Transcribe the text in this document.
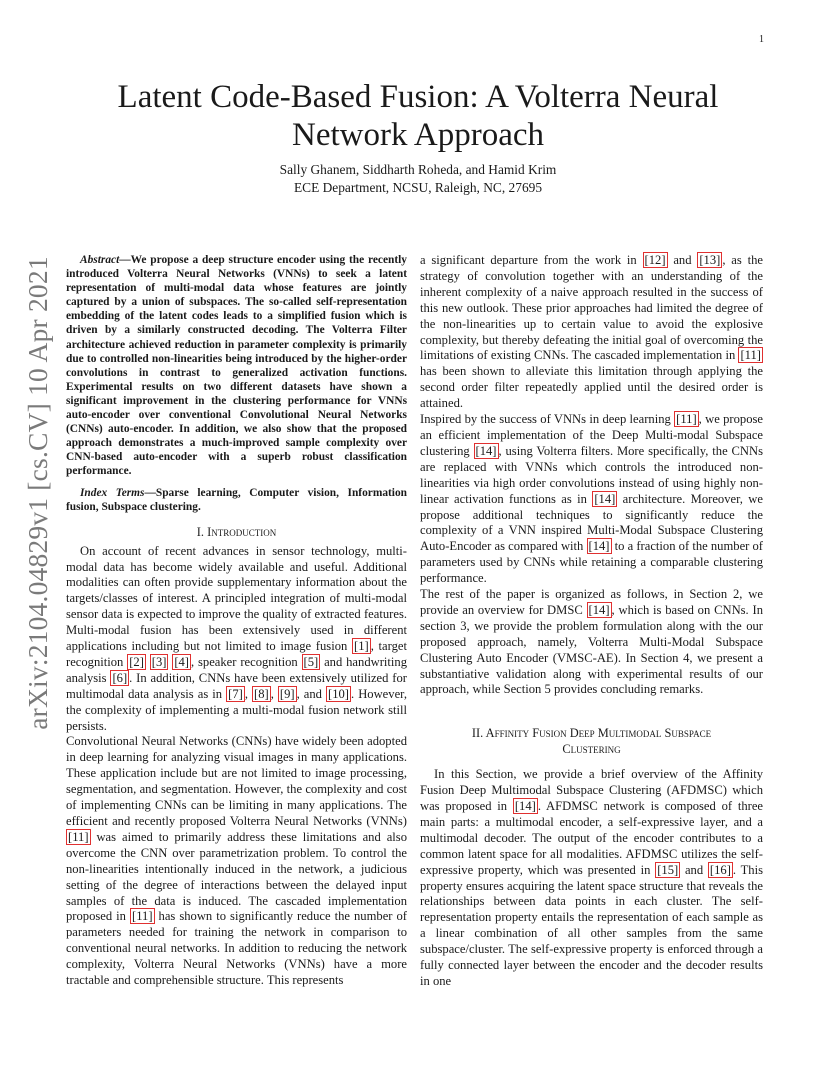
1
arXiv:2104.04829v1 [cs.CV] 10 Apr 2021
Latent Code-Based Fusion: A Volterra Neural Network Approach
Sally Ghanem, Siddharth Roheda, and Hamid Krim
ECE Department, NCSU, Raleigh, NC, 27695

Abstract—We propose a deep structure encoder using the recently introduced Volterra Neural Networks (VNNs) to seek a latent representation of multi-modal data whose features are jointly captured by a union of subspaces. The so-called self-representation embedding of the latent codes leads to a simplified fusion which is driven by a similarly constructed decoding. The Volterra Filter architecture achieved reduction in parameter complexity is primarily due to controlled non-linearities being introduced by the higher-order convolutions in contrast to generalized activation functions. Experimental results on two different datasets have shown a significant improvement in the clustering performance for VNNs auto-encoder over conventional Convolutional Neural Networks (CNNs) auto-encoder. In addition, we also show that the proposed approach demonstrates a much-improved sample complexity over CNN-based auto-encoder with a superb robust classification performance.

Index Terms—Sparse learning, Computer vision, Information fusion, Subspace clustering.

I. Introduction

On account of recent advances in sensor technology, multi-modal data has become widely available and useful. Additional modalities can often provide supplementary information about the targets/classes of interest. A principled integration of multi-modal sensor data is expected to improve the quality of extracted features. Multi-modal fusion has been extensively used in different applications including but not limited to image fusion [1] , target recognition [2] [3] [4] , speaker recognition [5] and handwriting analysis [6] . In addition, CNNs have been extensively utilized for multimodal data analysis as in [7] , [8] , [9] , and [10] . However, the complexity of implementing a multi-modal fusion network still persists.

Convolutional Neural Networks (CNNs) have widely been adopted in deep learning for analyzing visual images in many applications. These application include but are not limited to image processing, segmentation, and segmentation. However, the complexity and cost of implementing CNNs can be limiting in many applications. The efficient and recently proposed Volterra Neural Networks (VNNs) [11] was aimed to primarily address these limitations and also overcome the CNN over parametrization problem. To control the non-linearities intentionally induced in the network, a judicious setting of the degree of interactions between the delayed input samples of the data is induced. The cascaded implementation proposed in [11] has shown to significantly reduce the number of parameters needed for training the network in comparison to conventional neural networks. In addition to reducing the network complexity, Volterra Neural Networks (VNNs) have a more tractable and comprehensible structure. This represents

a significant departure from the work in [12] and [13] , as the strategy of convolution together with an understanding of the inherent complexity of a naive approach resulted in the success of this new outlook. These prior approaches had limited the degree of the non-linearities up to certain value to avoid the explosive complexity, but thereby defeating the initial goal of overcoming the limitations of existing CNNs. The cascaded implementation in [11] has been shown to alleviate this limitation through applying the second order filter repeatedly applied until the desired order is attained.

Inspired by the success of VNNs in deep learning [11] , we propose an efficient implementation of the Deep Multi-modal Subspace clustering [14] , using Volterra filters. More specifically, the CNNs are replaced with VNNs which controls the introduced non-linearities via high order convolutions instead of using highly non-linear activation functions as in [14] architecture. Moreover, we propose additional techniques to significantly reduce the complexity of a VNN inspired Multi-Modal Subspace Clustering Auto-Encoder as compared with [14] to a fraction of the number of parameters used by CNNs while retaining a comparable clustering performance.

The rest of the paper is organized as follows, in Section 2, we provide an overview for DMSC [14] , which is based on CNNs. In section 3, we provide the problem formulation along with the our proposed approach, namely, Volterra Multi-Modal Subspace Clustering Auto Encoder (VMSC-AE). In Section 4, we present a substantiative validation along with experimental results of our approach, while Section 5 provides concluding remarks.

II. Affinity Fusion Deep Multimodal Subspace

Clustering

In this Section, we provide a brief overview of the Affinity Fusion Deep Multimodal Subspace Clustering (AFDMSC) which was proposed in [14] . AFDMSC network is composed of three main parts: a multimodal encoder, a self-expressive layer, and a multimodal decoder. The output of the encoder contributes to a common latent space for all modalities. AFDMSC utilizes the self-expressive property, which was presented in [15] and [16] . This property ensures acquiring the latent space structure that reveals the relationships between data points in each cluster. The self-representation property entails the representation of each sample as a linear combination of all other samples from the same subspace/cluster. The self-expressive property is enforced through a fully connected layer between the encoder and the decoder results in one
